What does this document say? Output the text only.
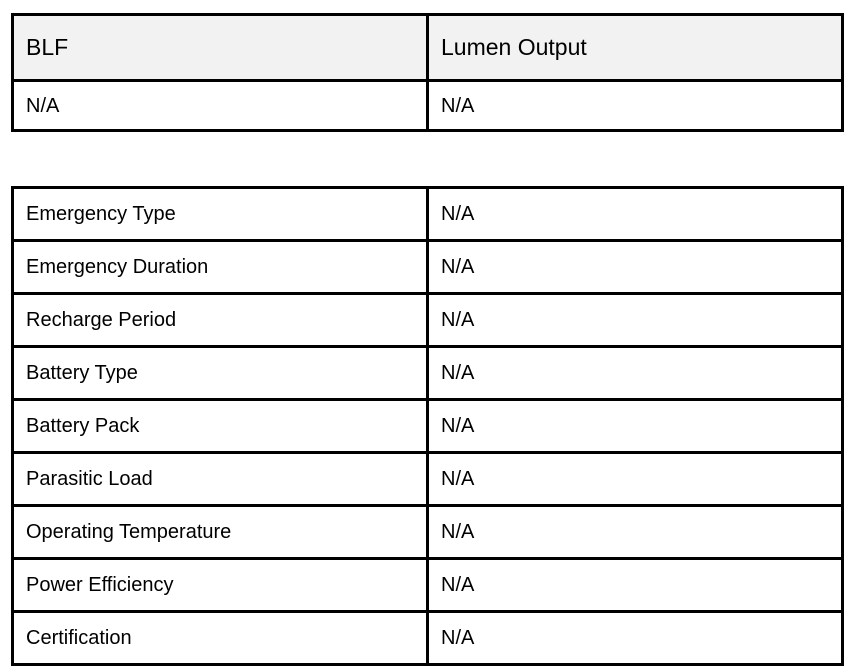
BLF	Lumen Output
N/A	N/A
Emergency Type	N/A
Emergency Duration	N/A
Recharge Period	N/A
Battery Type	N/A
Battery Pack	N/A
Parasitic Load	N/A
Operating Temperature	N/A
Power Efficiency	N/A
Certification	N/A
